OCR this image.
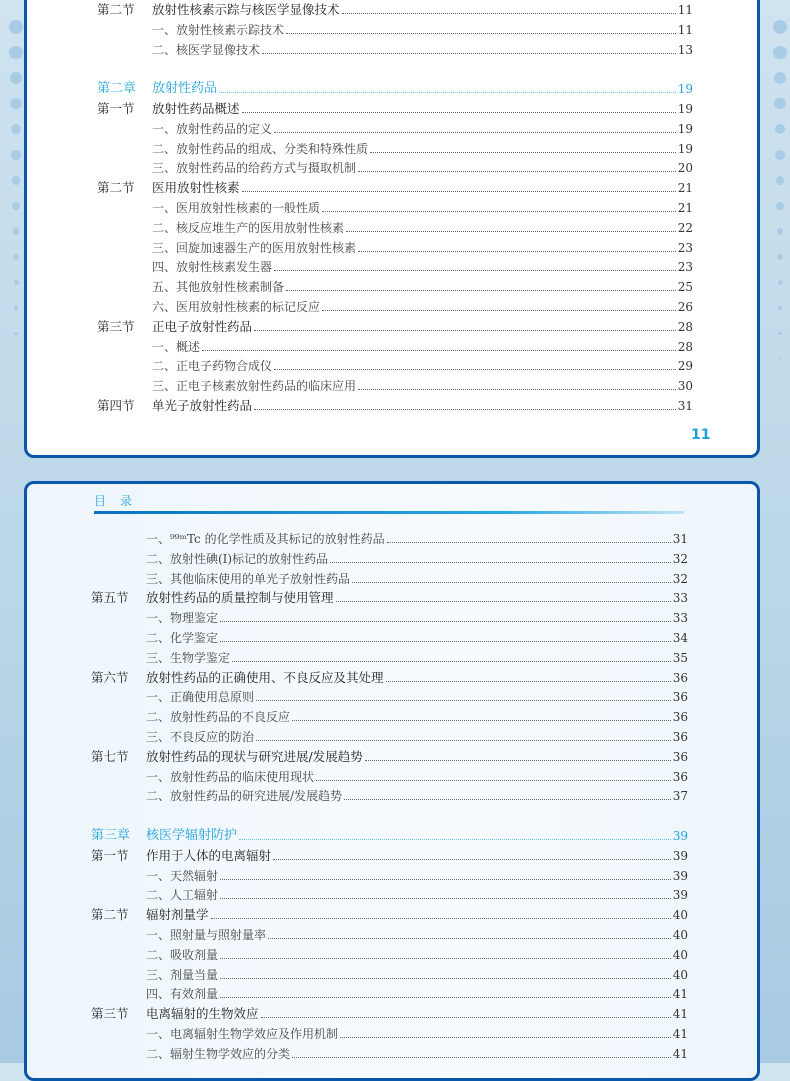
第二节 放射性核素示踪与核医学显像技术	11
一、放射性核素示踪技术	11
二、核医学显像技术	13
第二章 放射性药品	19
第一节 放射性药品概述	19
一、放射性药品的定义	19
二、放射性药品的组成、分类和特殊性质	19
三、放射性药品的给药方式与摄取机制	20
第二节 医用放射性核素	21
一、医用放射性核素的一般性质	21
二、核反应堆生产的医用放射性核素	22
三、回旋加速器生产的医用放射性核素	23
四、放射性核素发生器	23
五、其他放射性核素制备	25
六、医用放射性核素的标记反应	26
第三节 正电子放射性药品	28
一、概述	28
二、正电子药物合成仪	29
三、正电子核素放射性药品的临床应用	30
第四节 单光子放射性药品	31
11
目录
一、⁹⁹ᵐTc 的化学性质及其标记的放射性药品	31
二、放射性碘(I)标记的放射性药品	32
三、其他临床使用的单光子放射性药品	32
第五节 放射性药品的质量控制与使用管理	33
一、物理鉴定	33
二、化学鉴定	34
三、生物学鉴定	35
第六节 放射性药品的正确使用、不良反应及其处理	36
一、正确使用总原则	36
二、放射性药品的不良反应	36
三、不良反应的防治	36
第七节 放射性药品的现状与研究进展/发展趋势	36
一、放射性药品的临床使用现状	36
二、放射性药品的研究进展/发展趋势	37
第三章 核医学辐射防护	39
第一节 作用于人体的电离辐射	39
一、天然辐射	39
二、人工辐射	39
第二节 辐射剂量学	40
一、照射量与照射量率	40
二、吸收剂量	40
三、剂量当量	40
四、有效剂量	41
第三节 电离辐射的生物效应	41
一、电离辐射生物学效应及作用机制	41
二、辐射生物学效应的分类	41
